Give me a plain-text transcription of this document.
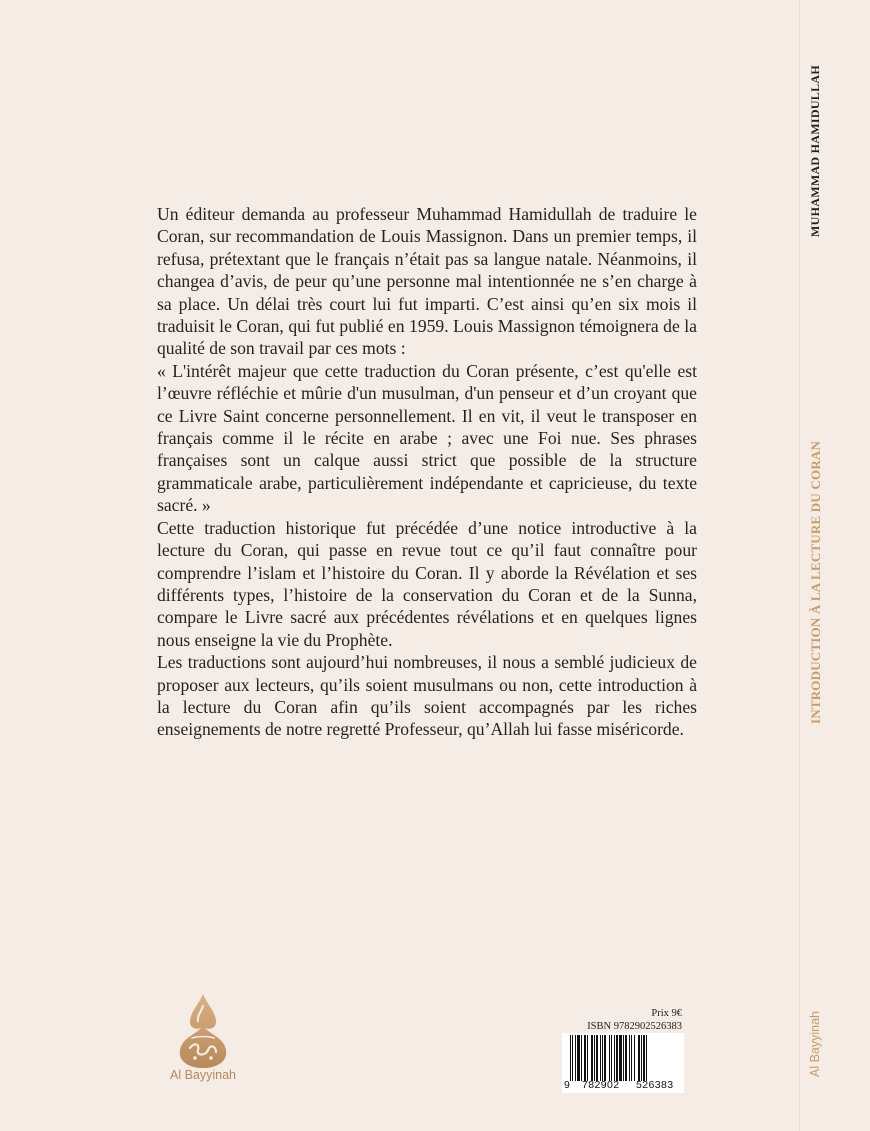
Un éditeur demanda au professeur Muhammad Hamidullah de traduire le Coran, sur recommandation de Louis Massignon. Dans un premier temps, il refusa, prétextant que le français n’était pas sa langue natale. Néanmoins, il changea d’avis, de peur qu’une personne mal intentionnée ne s’en charge à sa place. Un délai très court lui fut imparti. C’est ainsi qu’en six mois il traduisit le Coran, qui fut publié en 1959. Louis Massignon témoignera de la qualité de son travail par ces mots :

« L'intérêt majeur que cette traduction du Coran présente, c’est qu'elle est l’œuvre réfléchie et mûrie d'un musulman, d'un penseur et d’un croyant que ce Livre Saint concerne personnellement. Il en vit, il veut le transposer en français comme il le récite en arabe ; avec une Foi nue. Ses phrases françaises sont un calque aussi strict que possible de la structure grammaticale arabe, particulièrement indépendante et capricieuse, du texte sacré. »

Cette traduction historique fut précédée d’une notice introductive à la lecture du Coran, qui passe en revue tout ce qu’il faut connaître pour comprendre l’islam et l’histoire du Coran. Il y aborde la Révélation et ses différents types, l’histoire de la conservation du Coran et de la Sunna, compare le Livre sacré aux précédentes révélations et en quelques lignes nous enseigne la vie du Prophète.

Les traductions sont aujourd’hui nombreuses, il nous a semblé judicieux de proposer aux lecteurs, qu’ils soient musulmans ou non, cette introduction à la lecture du Coran afin qu’ils soient accompagnés par les riches enseignements de notre regretté Professeur, qu’Allah lui fasse miséricorde.

MUHAMMAD HAMIDULLAH
INTRODUCTION À LA LECTURE DU CORAN
Al Bayyinah
Al Bayyinah
Prix 9€
ISBN 9782902526383
9 782902 526383
